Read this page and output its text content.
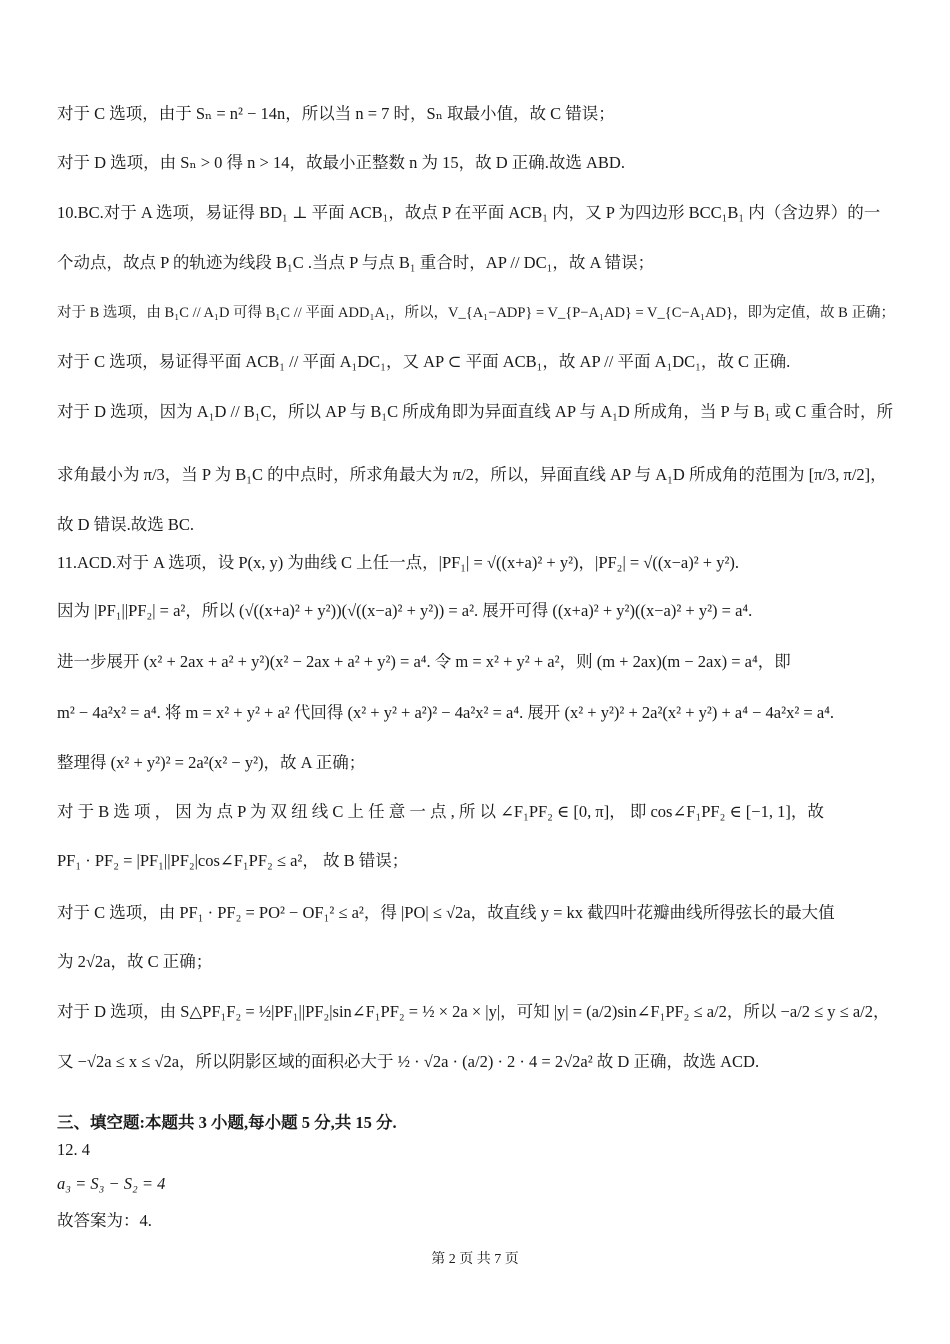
对于 C 选项，由于 Sₙ = n² − 14n，所以当 n = 7 时，Sₙ 取最小值，故 C 错误；
对于 D 选项，由 Sₙ > 0 得 n > 14，故最小正整数 n 为 15，故 D 正确.故选 ABD.
10.BC.对于 A 选项，易证得 BD₁ ⊥ 平面 ACB₁，故点 P 在平面 ACB₁ 内，又 P 为四边形 BCC₁B₁ 内（含边界）的一
个动点，故点 P 的轨迹为线段 B₁C .当点 P 与点 B₁ 重合时，AP // DC₁，故 A 错误；
对于 B 选项，由 B₁C // A₁D 可得 B₁C // 平面 ADD₁A₁，所以，V_{A₁−ADP} = V_{P−A₁AD} = V_{C−A₁AD}，即为定值，故 B 正确；
对于 C 选项，易证得平面 ACB₁ // 平面 A₁DC₁，又 AP ⊂ 平面 ACB₁，故 AP // 平面 A₁DC₁，故 C 正确.
对于 D 选项，因为 A₁D // B₁C，所以 AP 与 B₁C 所成角即为异面直线 AP 与 A₁D 所成角，当 P 与 B₁ 或 C 重合时，所
求角最小为 π/3，当 P 为 B₁C 的中点时，所求角最大为 π/2，所以，异面直线 AP 与 A₁D 所成角的范围为 [π/3, π/2]，
故 D 错误.故选 BC.
11.ACD.对于 A 选项，设 P(x, y) 为曲线 C 上任一点，|PF₁| = √((x+a)² + y²)，|PF₂| = √((x−a)² + y²).
因为 |PF₁||PF₂| = a²，所以 (√((x+a)² + y²))(√((x−a)² + y²)) = a². 展开可得 ((x+a)² + y²)((x−a)² + y²) = a⁴.
进一步展开 (x² + 2ax + a² + y²)(x² − 2ax + a² + y²) = a⁴. 令 m = x² + y² + a²，则 (m + 2ax)(m − 2ax) = a⁴，即
m² − 4a²x² = a⁴. 将 m = x² + y² + a² 代回得 (x² + y² + a²)² − 4a²x² = a⁴. 展开 (x² + y²)² + 2a²(x² + y²) + a⁴ − 4a²x² = a⁴.
整理得 (x² + y²)² = 2a²(x² − y²)，故 A 正确；
对 于 B 选 项 ， 因 为 点 P 为 双 纽 线 C 上 任 意 一 点 , 所 以 ∠F₁PF₂ ∈ [0, π]， 即 cos∠F₁PF₂ ∈ [−1, 1]，故
PF₁ · PF₂ = |PF₁||PF₂|cos∠F₁PF₂ ≤ a²， 故 B 错误；
对于 C 选项，由 PF₁ · PF₂ = PO² − OF₁² ≤ a²，得 |PO| ≤ √2a，故直线 y = kx 截四叶花瓣曲线所得弦长的最大值
为 2√2a，故 C 正确；
对于 D 选项，由 S△PF₁F₂ = ½|PF₁||PF₂|sin∠F₁PF₂ = ½ × 2a × |y|，可知 |y| = (a/2)sin∠F₁PF₂ ≤ a/2，所以 −a/2 ≤ y ≤ a/2，
又 −√2a ≤ x ≤ √2a，所以阴影区域的面积必大于 ½ · √2a · (a/2) · 2 · 4 = 2√2a² 故 D 正确，故选 ACD.
三、填空题:本题共 3 小题,每小题 5 分,共 15 分.
12. 4
a₃ = S₃ − S₂ = 4
故答案为：4.
第 2 页 共 7 页
